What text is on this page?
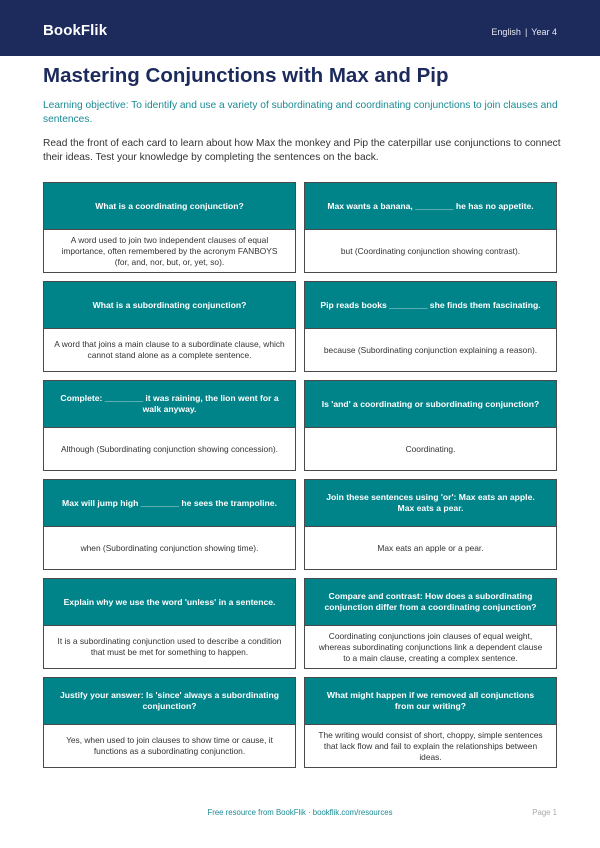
BookFlik	English | Year 4
Mastering Conjunctions with Max and Pip

Learning objective: To identify and use a variety of subordinating and coordinating conjunctions to join clauses and sentences.

Read the front of each card to learn about how Max the monkey and Pip the caterpillar use conjunctions to connect their ideas. Test your knowledge by completing the sentences on the back.

What is a coordinating conjunction?
A word used to join two independent clauses of equal importance, often remembered by the acronym FANBOYS (for, and, nor, but, or, yet, so).
Max wants a banana, ________ he has no appetite.
but (Coordinating conjunction showing contrast).
What is a subordinating conjunction?
A word that joins a main clause to a subordinate clause, which cannot stand alone as a complete sentence.
Pip reads books ________ she finds them fascinating.
because (Subordinating conjunction explaining a reason).
Complete: ________ it was raining, the lion went for a walk anyway.
Although (Subordinating conjunction showing concession).
Is 'and' a coordinating or subordinating conjunction?
Coordinating.
Max will jump high ________ he sees the trampoline.
when (Subordinating conjunction showing time).
Join these sentences using 'or': Max eats an apple. Max eats a pear.
Max eats an apple or a pear.
Explain why we use the word 'unless' in a sentence.
It is a subordinating conjunction used to describe a condition that must be met for something to happen.
Compare and contrast: How does a subordinating conjunction differ from a coordinating conjunction?
Coordinating conjunctions join clauses of equal weight, whereas subordinating conjunctions link a dependent clause to a main clause, creating a complex sentence.
Justify your answer: Is 'since' always a subordinating conjunction?
Yes, when used to join clauses to show time or cause, it functions as a subordinating conjunction.
What might happen if we removed all conjunctions from our writing?
The writing would consist of short, choppy, simple sentences that lack flow and fail to explain the relationships between ideas.
Free resource from BookFlik · bookflik.com/resources	Page 1
